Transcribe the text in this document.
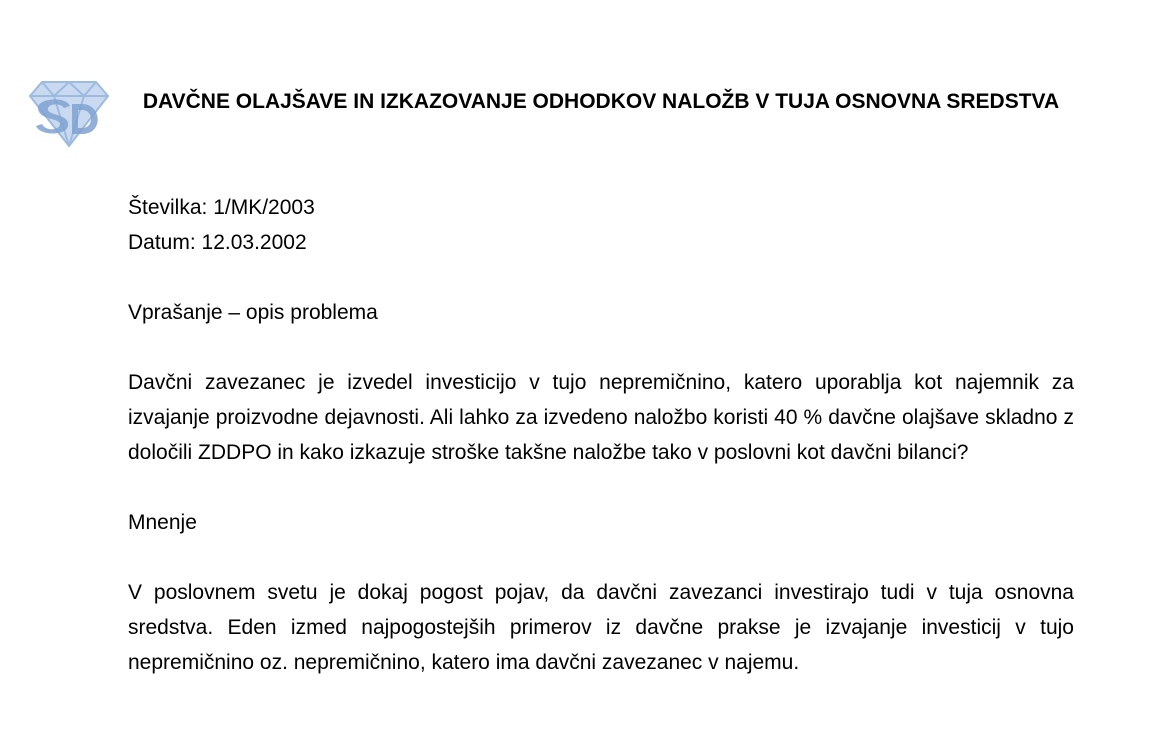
DAVČNE OLAJŠAVE IN IZKAZOVANJE ODHODKOV NALOŽB V TUJA OSNOVNA SREDSTVA

Številka: 1/MK/2003

Datum: 12.03.2002

Vprašanje – opis problema

Davčni zavezanec je izvedel investicijo v tujo nepremičnino, katero uporablja kot najemnik za izvajanje proizvodne dejavnosti. Ali lahko za izvedeno naložbo koristi 40 % davčne olajšave skladno z določili ZDDPO in kako izkazuje stroške takšne naložbe tako v poslovni kot davčni bilanci?

Mnenje

V poslovnem svetu je dokaj pogost pojav, da davčni zavezanci investirajo tudi v tuja osnovna sredstva. Eden izmed najpogostejših primerov iz davčne prakse je izvajanje investicij v tujo nepremičnino oz. nepremičnino, katero ima davčni zavezanec v najemu.
